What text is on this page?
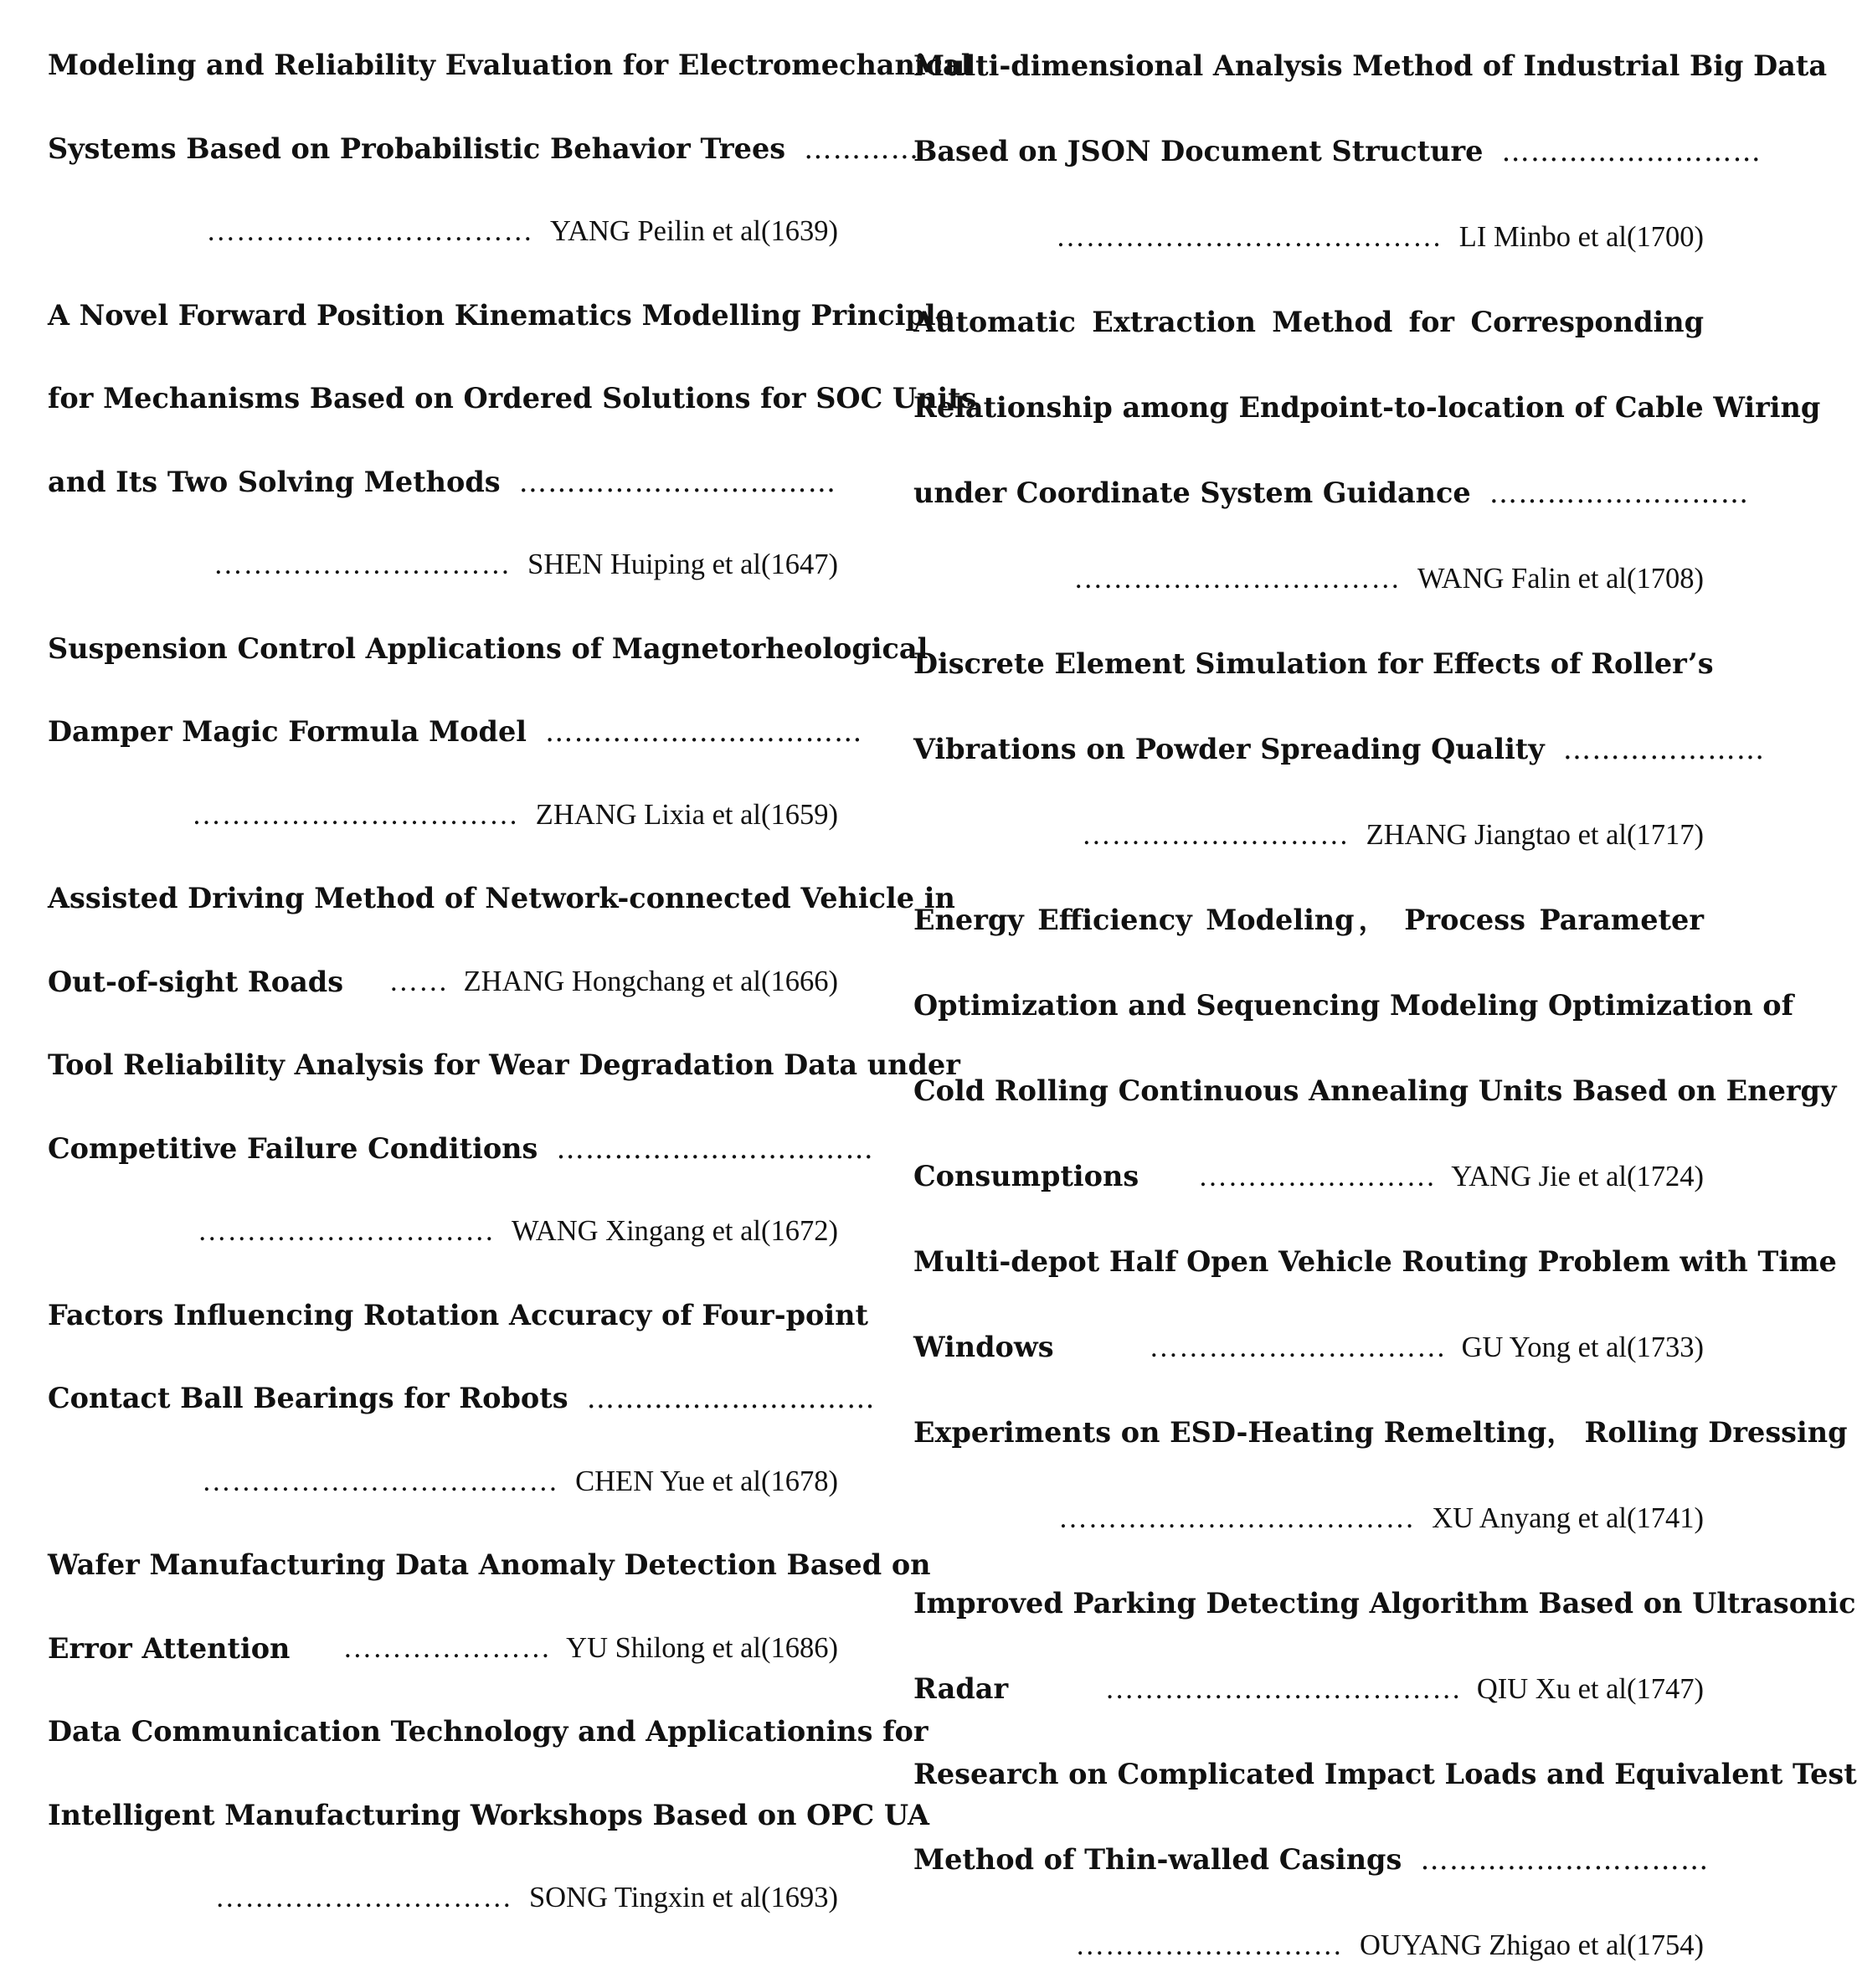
Modeling and Reliability Evaluation for Electromechanical
Systems Based on Probabilistic Behavior Trees …………
…………………………… YANG Peilin et al(1639)
A Novel Forward Position Kinematics Modelling Principle
for Mechanisms Based on Ordered Solutions for SOC Units
and Its Two Solving Methods ……………………………
………………………… SHEN Huiping et al(1647)
Suspension Control Applications of Magnetorheological
Damper Magic Formula Model ……………………………
…………………………… ZHANG Lixia et al(1659)
Assisted Driving Method of Network-connected Vehicle in
Out-of-sight Roads …… ZHANG Hongchang et al(1666)
Tool Reliability Analysis for Wear Degradation Data under
Competitive Failure Conditions ……………………………
………………………… WANG Xingang et al(1672)
Factors Influencing Rotation Accuracy of Four-point
Contact Ball Bearings for Robots …………………………
……………………………… CHEN Yue et al(1678)
Wafer Manufacturing Data Anomaly Detection Based on
Error Attention ………………… YU Shilong et al(1686)
Data Communication Technology and Applicationins for
Intelligent Manufacturing Workshops Based on OPC UA
………………………… SONG Tingxin et al(1693)
Multi-dimensional Analysis Method of Industrial Big Data
Based on JSON Document Structure ………………………
………………………………… LI Minbo et al(1700)
Automatic Extraction Method for Corresponding
Relationship among Endpoint-to-location of Cable Wiring
under Coordinate System Guidance ………………………
…………………………… WANG Falin et al(1708)
Discrete Element Simulation for Effects of Roller’s
Vibrations on Powder Spreading Quality …………………
……………………… ZHANG Jiangtao et al(1717)
Energy Efficiency Modeling， Process Parameter
Optimization and Sequencing Modeling Optimization of
Cold Rolling Continuous Annealing Units Based on Energy
Consumptions …………………… YANG Jie et al(1724)
Multi-depot Half Open Vehicle Routing Problem with Time
Windows	………………………… GU Yong et al(1733)
Experiments on ESD-Heating Remelting， Rolling Dressing
……………………………… XU Anyang et al(1741)
Improved Parking Detecting Algorithm Based on Ultrasonic
Radar	……………………………… QIU Xu et al(1747)
Research on Complicated Impact Loads and Equivalent Test
Method of Thin-walled Casings …………………………
……………………… OUYANG Zhigao et al(1754)
